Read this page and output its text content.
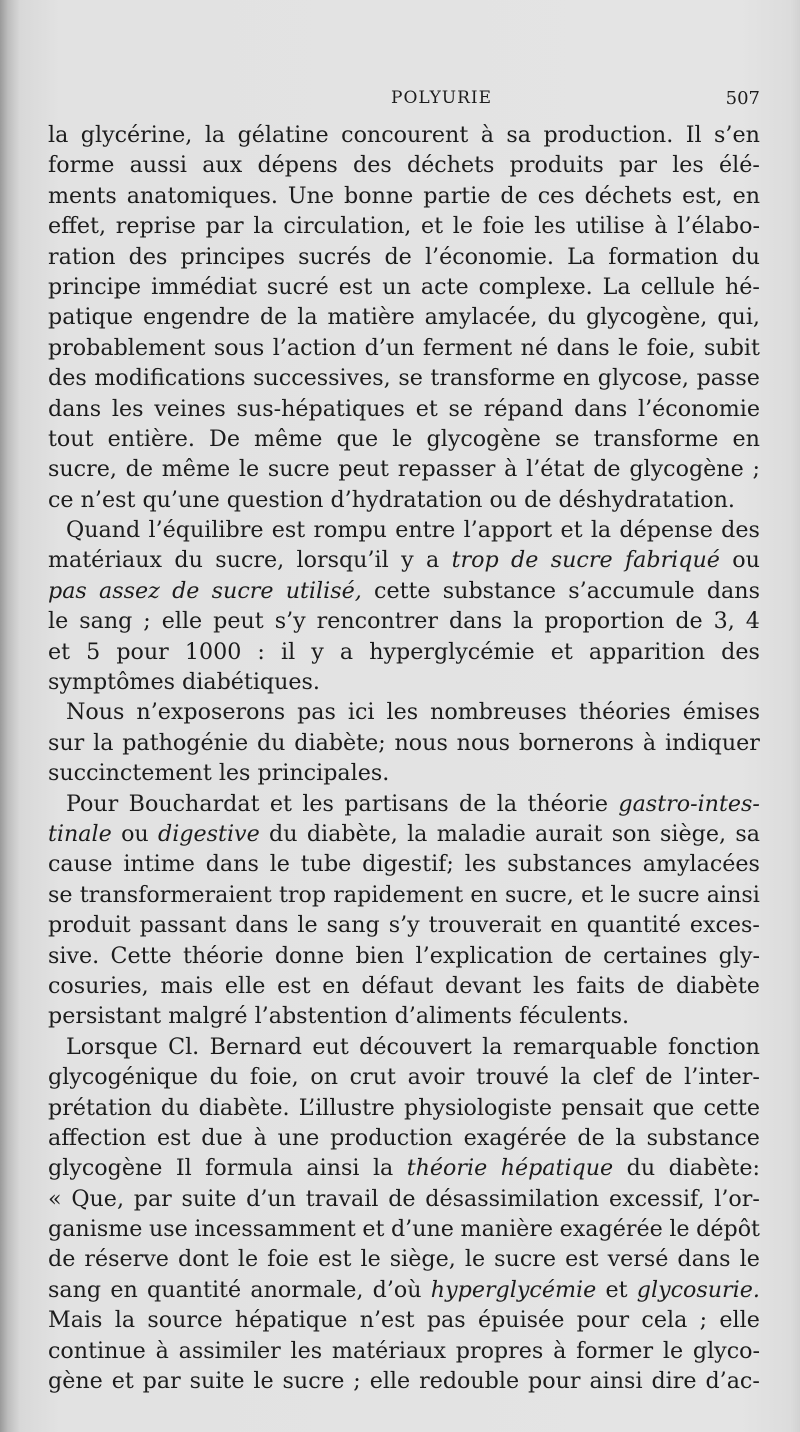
POLYURIE	507
la glycérine, la gélatine concourent à sa production. Il s’en
forme aussi aux dépens des déchets produits par les élé-
ments anatomiques. Une bonne partie de ces déchets est, en
effet, reprise par la circulation, et le foie les utilise à l’élabo-
ration des principes sucrés de l’économie. La formation du
principe immédiat sucré est un acte complexe. La cellule hé-
patique engendre de la matière amylacée, du glycogène, qui,
probablement sous l’action d’un ferment né dans le foie, subit
des modifications successives, se transforme en glycose, passe
dans les veines sus-hépatiques et se répand dans l’économie
tout entière. De même que le glycogène se transforme en
sucre, de même le sucre peut repasser à l’état de glycogène ;
ce n’est qu’une question d’hydratation ou de déshydratation.
Quand l’équilibre est rompu entre l’apport et la dépense des
matériaux du sucre, lorsqu’il y a trop de sucre fabriqué ou
pas assez de sucre utilisé, cette substance s’accumule dans
le sang ; elle peut s’y rencontrer dans la proportion de 3, 4
et 5 pour 1000 : il y a hyperglycémie et apparition des
symptômes diabétiques.
Nous n’exposerons pas ici les nombreuses théories émises
sur la pathogénie du diabète; nous nous bornerons à indiquer
succinctement les principales.
Pour Bouchardat et les partisans de la théorie gastro-intes-
tinale ou digestive du diabète, la maladie aurait son siège, sa
cause intime dans le tube digestif; les substances amylacées
se transformeraient trop rapidement en sucre, et le sucre ainsi
produit passant dans le sang s’y trouverait en quantité exces-
sive. Cette théorie donne bien l’explication de certaines gly-
cosuries, mais elle est en défaut devant les faits de diabète
persistant malgré l’abstention d’aliments féculents.
Lorsque Cl. Bernard eut découvert la remarquable fonction
glycogénique du foie, on crut avoir trouvé la clef de l’inter-
prétation du diabète. L’illustre physiologiste pensait que cette
affection est due à une production exagérée de la substance
glycogène Il formula ainsi la théorie hépatique du diabète:
« Que, par suite d’un travail de désassimilation excessif, l’or-
ganisme use incessamment et d’une manière exagérée le dépôt
de réserve dont le foie est le siège, le sucre est versé dans le
sang en quantité anormale, d’où hyperglycémie et glycosurie.
Mais la source hépatique n’est pas épuisée pour cela ; elle
continue à assimiler les matériaux propres à former le glyco-
gène et par suite le sucre ; elle redouble pour ainsi dire d’ac-
